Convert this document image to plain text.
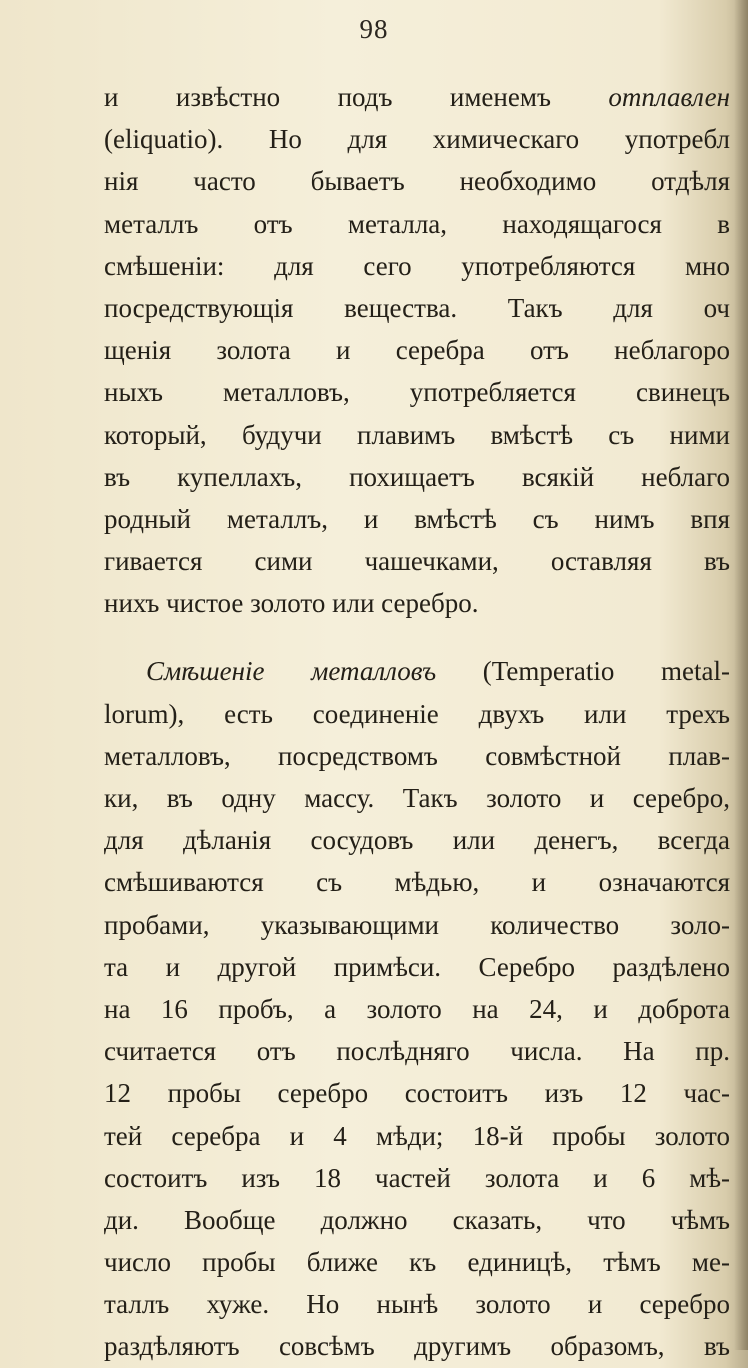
98
и извѣстно подъ именемъ отплавлен
(eliquatio). Но для химическаго употребл
нія часто бываетъ необходимо отдѣля
металлъ отъ металла, находящагося в
смѣшеніи: для сего употребляются мно
посредствующія вещества. Такъ для оч
щенія золота и серебра отъ неблагоро
ныхъ металловъ, употребляется свинецъ
который, будучи плавимъ вмѣстѣ съ ними
въ купеллахъ, похищаетъ всякій неблаго
родный металлъ, и вмѣстѣ съ нимъ впя
гивается сими чашечками, оставляя въ
нихъ чистое золото или серебро.
Смѣшеніе металловъ (Temperatio metal-
lorum), есть соединеніе двухъ или трехъ
металловъ, посредствомъ совмѣстной плав-
ки, въ одну массу. Такъ золото и серебро,
для дѣланія сосудовъ или денегъ, всегда
смѣшиваются съ мѣдью, и означаются
пробами, указывающими количество золо-
та и другой примѣси. Серебро раздѣлено
на 16 пробъ, а золото на 24, и доброта
считается отъ послѣдняго числа. На пр.
12 пробы серебро состоитъ изъ 12 час-
тей серебра и 4 мѣди; 18-й пробы золото
состоитъ изъ 18 частей золота и 6 мѣ-
ди. Вообще должно сказать, что чѣмъ
число пробы ближе къ единицѣ, тѣмъ ме-
таллъ хуже. Но нынѣ золото и серебро
раздѣляютъ совсѣмъ другимъ образомъ, въ
